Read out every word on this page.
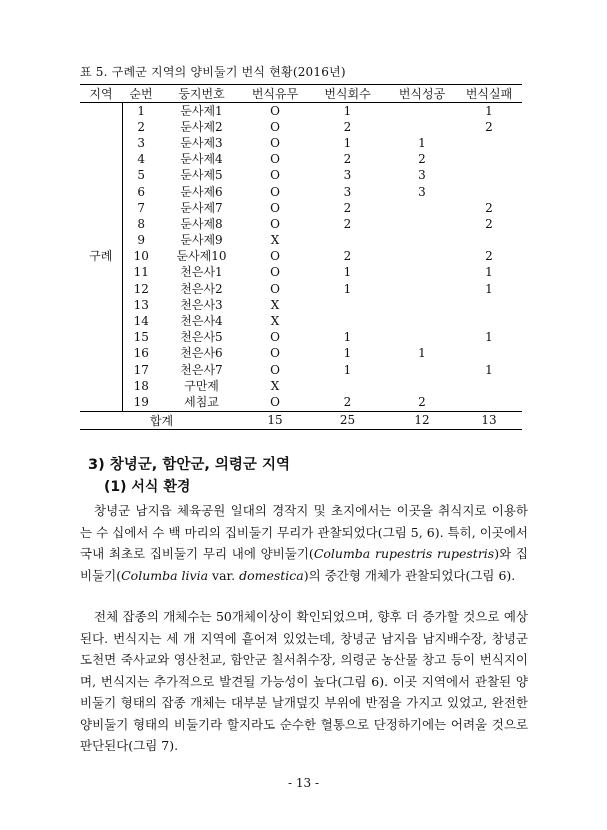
표 5. 구례군 지역의 양비둘기 번식 현황(2016년)
지역	순번	둥지번호	번식유무	번식회수	번식성공	번식실패
구례	1	둔사제1	O	1		1
	2	둔사제2	O	2		2
	3	둔사제3	O	1	1	
	4	둔사제4	O	2	2	
	5	둔사제5	O	3	3	
	6	둔사제6	O	3	3	
	7	둔사제7	O	2		2
	8	둔사제8	O	2		2
	9	둔사제9	X			
	10	둔사제10	O	2		2
	11	천은사1	O	1		1
	12	천은사2	O	1		1
	13	천은사3	X			
	14	천은사4	X			
	15	천은사5	O	1		1
	16	천은사6	O	1	1	
	17	천은사7	O	1		1
	18	구만제	X			
	19	세침교	O	2	2	
합계			15	25	12	13
3) 창녕군, 함안군, 의령군 지역
(1) 서식 환경
창녕군 남지읍 체육공원 일대의 경작지 및 초지에서는 이곳을 취식지로 이용하는 수 십에서 수 백 마리의 집비둘기 무리가 관찰되었다(그림 5, 6). 특히, 이곳에서 국내 최초로 집비둘기 무리 내에 양비둘기(Columba rupestris rupestris)와 집비둘기(Columba livia var. domestica)의 중간형 개체가 관찰되었다(그림 6).
전체 잡종의 개체수는 50개체이상이 확인되었으며, 향후 더 증가할 것으로 예상된다. 번식지는 세 개 지역에 흩어져 있었는데, 창녕군 남지읍 남지배수장, 창녕군 도천면 죽사교와 영산천교, 함안군 칠서취수장, 의령군 농산물 창고 등이 번식지이며, 번식지는 추가적으로 발견될 가능성이 높다(그림 6). 이곳 지역에서 관찰된 양비둘기 형태의 잡종 개체는 대부분 날개덮깃 부위에 반점을 가지고 있었고, 완전한 양비둘기 형태의 비둘기라 할지라도 순수한 혈통으로 단정하기에는 어려울 것으로 판단된다(그림 7).
- 13 -
